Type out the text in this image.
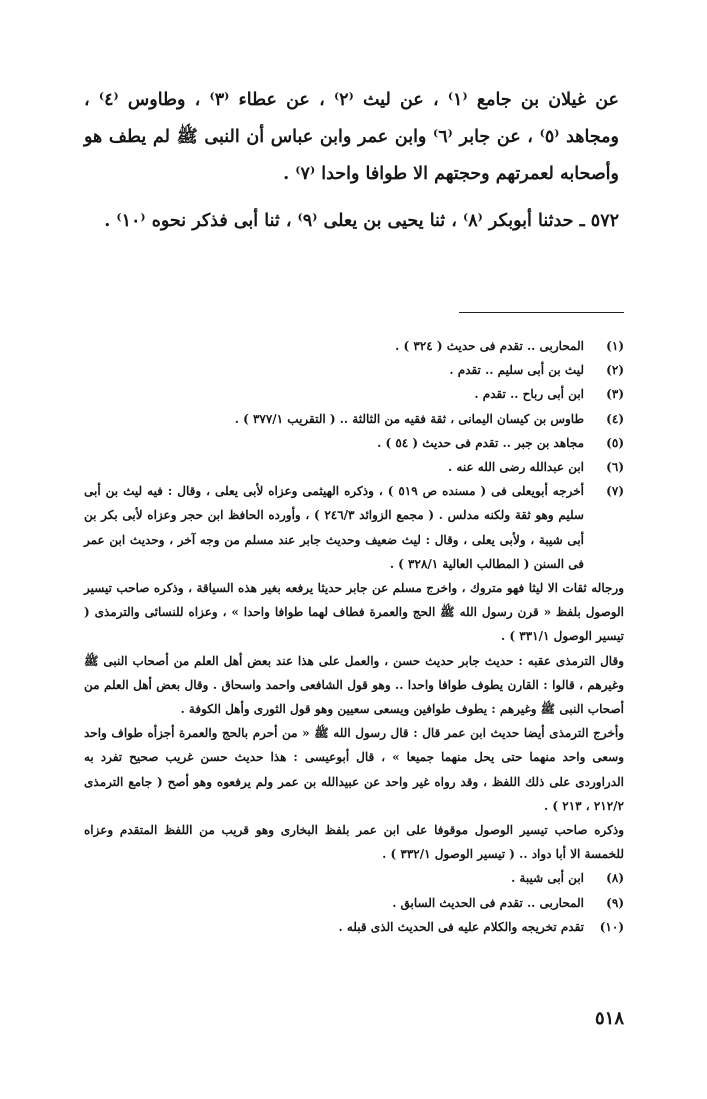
عن غيلان بن جامع ⁽١⁾ ، عن ليث ⁽٢⁾ ، عن عطاء ⁽٣⁾ ، وطاوس ⁽٤⁾ ، ومجاهد ⁽٥⁾ ، عن جابر ⁽٦⁾ وابن عمر وابن عباس أن النبى ﷺ لم يطف هو وأصحابه لعمرتهم وحجتهم الا طوافا واحدا ⁽٧⁾ .

٥٧٢ ـ حدثنا أبوبكر ⁽٨⁾ ، ثنا يحيى بن يعلى ⁽٩⁾ ، ثنا أبى فذكر نحوه ⁽١٠⁾ .

(١)

المحاربى .. تقدم فى حديث ( ٣٢٤ ) .

(٢)

ليث بن أبى سليم .. تقدم .

(٣)

ابن أبى رباح .. تقدم .

(٤)

طاوس بن كيسان اليمانى ، ثقة فقيه من الثالثة .. ( التقريب ٣٧٧/١ ) .

(٥)

مجاهد بن جبر .. تقدم فى حديث ( ٥٤ ) .

(٦)

ابن عبدالله رضى الله عنه .

(٧)

أخرجه أبويعلى فى ( مسنده ص ٥١٩ ) ، وذكره الهيثمى وعزاه لأبى يعلى ، وقال : فيه ليث بن أبى سليم وهو ثقة ولكنه مدلس . ( مجمع الزوائد ٢٤٦/٣ ) ، وأورده الحافظ ابن حجر وعزاه لأبى بكر بن أبى شيبة ، ولأبى يعلى ، وقال : ليث ضعيف وحديث جابر عند مسلم من وجه آخر ، وحديث ابن عمر فى السنن ( المطالب العالية ٣٢٨/١ ) .

ورجاله ثقات الا ليثا فهو متروك ، واخرج مسلم عن جابر حديثا يرفعه بغير هذه السياقة ، وذكره صاحب تيسير الوصول بلفظ « قرن رسول الله ﷺ الحج والعمرة فطاف لهما طوافا واحدا » ، وعزاه للنسائى والترمذى ( تيسير الوصول ٣٣١/١ ) .

وقال الترمذى عقبه : حديث جابر حديث حسن ، والعمل على هذا عند بعض أهل العلم من أصحاب النبى ﷺ وغيرهم ، قالوا : القارن يطوف طوافا واحدا .. وهو قول الشافعى واحمد واسحاق . وقال بعض أهل العلم من أصحاب النبى ﷺ وغيرهم : يطوف طوافين ويسعى سعيين وهو قول الثورى وأهل الكوفة .

وأخرج الترمذى أيضا حديث ابن عمر قال : قال رسول الله ﷺ « من أحرم بالحج والعمرة أجزأه طواف واحد وسعى واحد منهما حتى يحل منهما جميعا » ، قال أبوعيسى : هذا حديث حسن غريب صحيح تفرد به الدراوردى على ذلك اللفظ ، وقد رواه غير واحد عن عبيدالله بن عمر ولم يرفعوه وهو أصح ( جامع الترمذى ٢١٢/٢ ، ٢١٣ ) .

وذكره صاحب تيسير الوصول موقوفا على ابن عمر بلفظ البخارى وهو قريب من اللفظ المتقدم وعزاه للخمسة الا أبا دواد .. ( تيسير الوصول ٣٣٢/١ ) .

(٨)

ابن أبى شيبة .

(٩)

المحاربى .. تقدم فى الحديث السابق .

(١٠)

تقدم تخريجه والكلام عليه فى الحديث الذى قبله .

٥١٨
